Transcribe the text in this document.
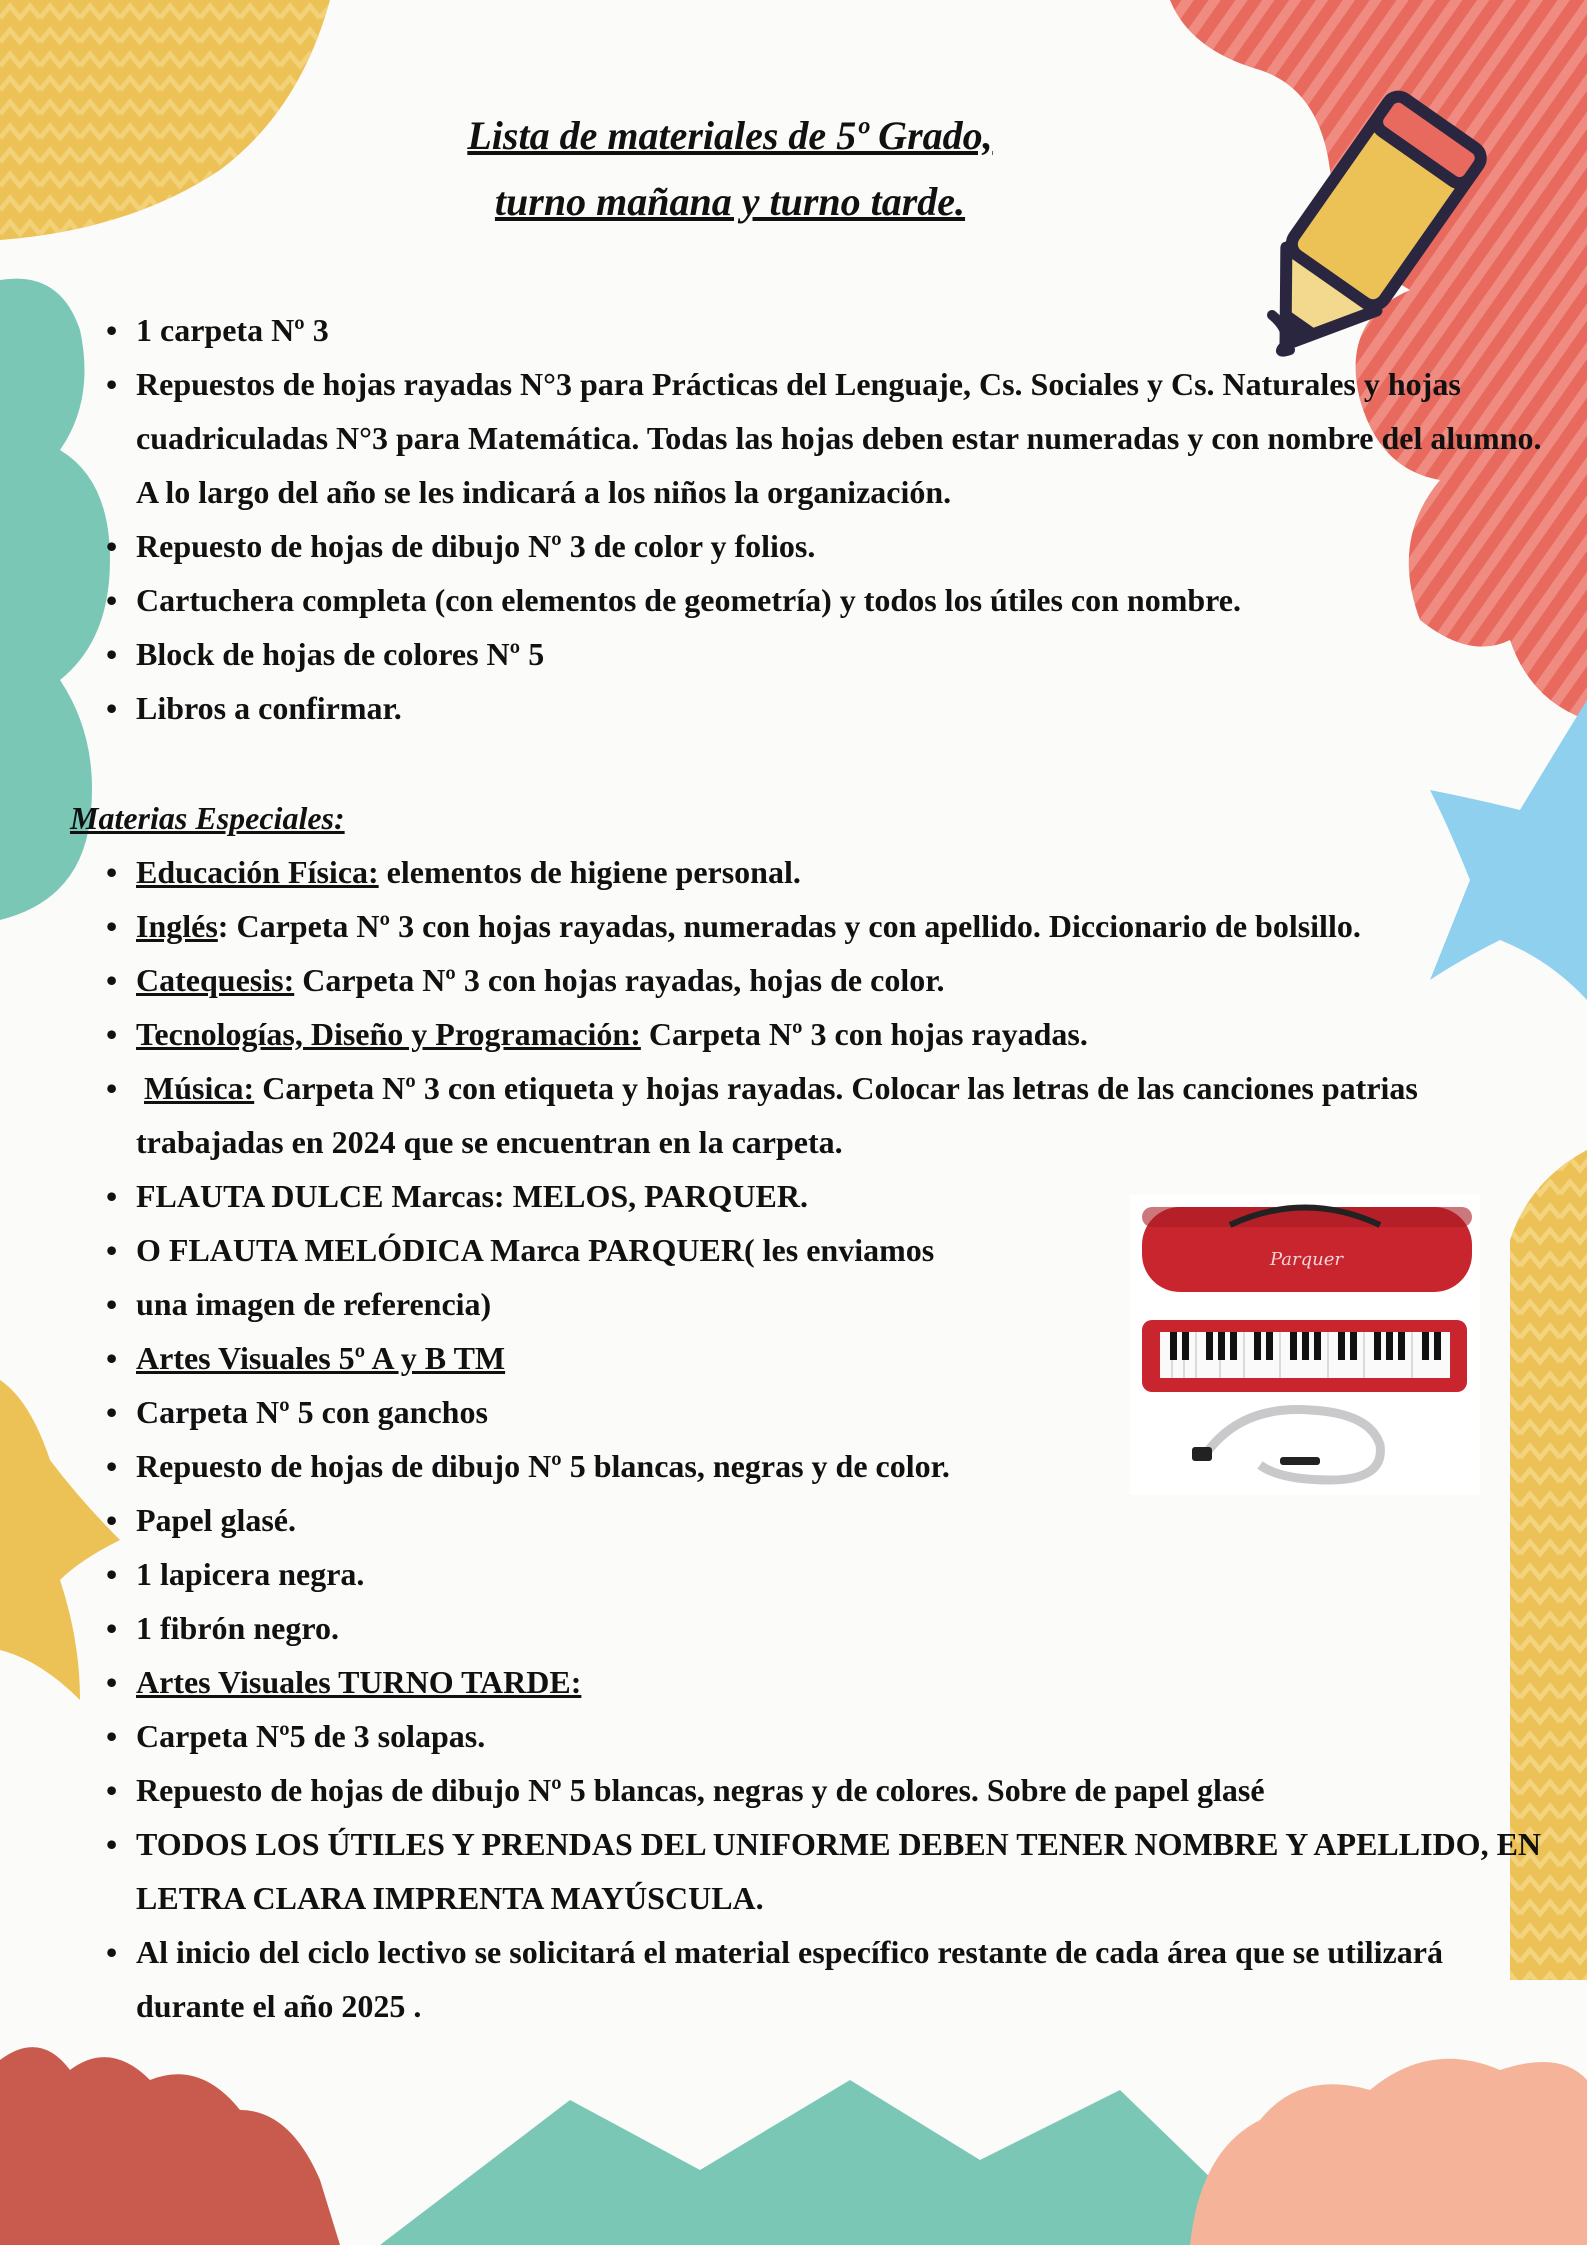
Lista de materiales de 5º Grado,
turno mañana y turno tarde.
• 1 carpeta Nº 3
• Repuestos de hojas rayadas N°3 para Prácticas del Lenguaje, Cs. Sociales y Cs. Naturales y hojas cuadriculadas N°3 para Matemática. Todas las hojas deben estar numeradas y con nombre del alumno. A lo largo del año se les indicará a los niños la organización.
• Repuesto de hojas de dibujo Nº 3 de color y folios.
• Cartuchera completa (con elementos de geometría) y todos los útiles con nombre.
• Block de hojas de colores Nº 5
• Libros a confirmar.
Materias Especiales:
• Educación Física: elementos de higiene personal.
• Inglés: Carpeta Nº 3 con hojas rayadas, numeradas y con apellido. Diccionario de bolsillo.
• Catequesis: Carpeta Nº 3 con hojas rayadas, hojas de color.
• Tecnologías, Diseño y Programación: Carpeta Nº 3 con hojas rayadas.
• Música: Carpeta Nº 3 con etiqueta y hojas rayadas. Colocar las letras de las canciones patrias trabajadas en 2024 que se encuentran en la carpeta.
• FLAUTA DULCE Marcas: MELOS, PARQUER.
• O FLAUTA MELÓDICA Marca PARQUER( les enviamos
• una imagen de referencia)
• Artes Visuales 5º A y B TM
• Carpeta Nº 5 con ganchos
• Repuesto de hojas de dibujo Nº 5 blancas, negras y de color.
• Papel glasé.
• 1 lapicera negra.
• 1 fibrón negro.
• Artes Visuales TURNO TARDE:
• Carpeta Nº5 de 3 solapas.
• Repuesto de hojas de dibujo Nº 5 blancas, negras y de colores. Sobre de papel glasé
• TODOS LOS ÚTILES Y PRENDAS DEL UNIFORME DEBEN TENER NOMBRE Y APELLIDO, EN LETRA CLARA IMPRENTA MAYÚSCULA.
• Al inicio del ciclo lectivo se solicitará el material específico restante de cada área que se utilizará durante el año 2025 .
Parquer
